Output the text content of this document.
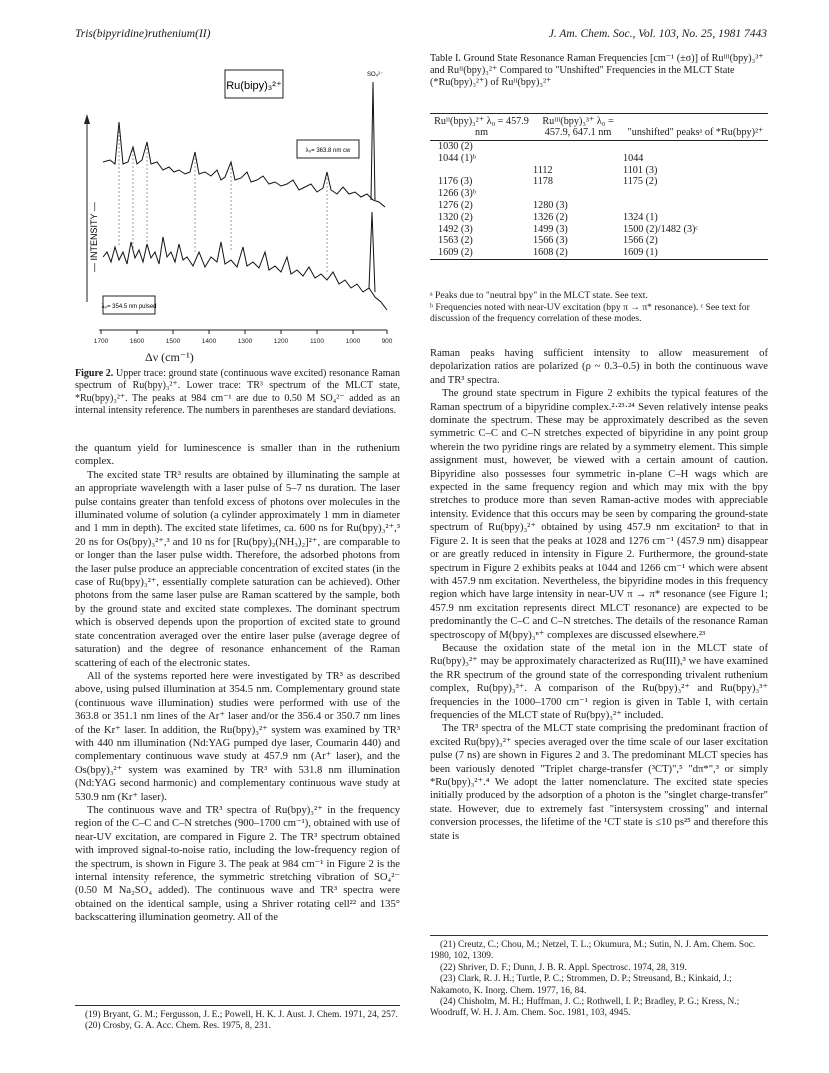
Tris(bipyridine)ruthenium(II)	J. Am. Chem. Soc., Vol. 103, No. 25, 1981 7443
1700	1600	1500	1400	1300	1200	1100	1000	900
Ru(bipy)₃²⁺
SO₄²⁻
λ₀= 363.8 nm cw
λ₀= 354.5 nm pulsed
— INTENSITY —
Δν (cm⁻¹)
Figure 2. Upper trace: ground state (continuous wave excited) resonance Raman spectrum of Ru(bpy)₃²⁺. Lower trace: TR³ spectrum of the MLCT state, *Ru(bpy)₃²⁺. The peaks at 984 cm⁻¹ are due to 0.50 M SO₄²⁻ added as an internal intensity reference. The numbers in parentheses are standard deviations.

the quantum yield for luminescence is smaller than in the ruthenium complex.

The excited state TR³ results are obtained by illuminating the sample at an appropriate wavelength with a laser pulse of 5–7 ns duration. The laser pulse contains greater than tenfold excess of photons over molecules in the illuminated volume of solution (a cylinder approximately 1 mm in diameter and 1 mm in depth). The excited state lifetimes, ca. 600 ns for Ru(bpy)₃²⁺,³ 20 ns for Os(bpy)₃²⁺,³ and 10 ns for [Ru(bpy)₂(NH₃)₂]²⁺, are comparable to or longer than the laser pulse width. Therefore, the adsorbed photons from the laser pulse produce an appreciable concentration of excited states (in the case of Ru(bpy)₃²⁺, essentially complete saturation can be achieved). Other photons from the same laser pulse are Raman scattered by the sample, both by the ground state and excited state complexes. The dominant spectrum which is observed depends upon the proportion of excited state to ground state concentration averaged over the entire laser pulse (average degree of saturation) and the degree of resonance enhancement of the Raman scattering of each of the electronic states.

All of the systems reported here were investigated by TR³ as described above, using pulsed illumination at 354.5 nm. Complementary ground state (continuous wave illumination) studies were performed with use of the 363.8 or 351.1 nm lines of the Ar⁺ laser and/or the 356.4 or 350.7 nm lines of the Kr⁺ laser. In addition, the Ru(bpy)₃²⁺ system was examined by TR³ with 440 nm illumination (Nd:YAG pumped dye laser, Coumarin 440) and complementary continuous wave study at 457.9 nm (Ar⁺ laser), and the Os(bpy)₃²⁺ system was examined by TR³ with 531.8 nm illumination (Nd:YAG second harmonic) and complementary continuous wave study at 530.9 nm (Kr⁺ laser).

The continuous wave and TR³ spectra of Ru(bpy)₃²⁺ in the frequency region of the C–C and C–N stretches (900–1700 cm⁻¹), obtained with use of near-UV excitation, are compared in Figure 2. The TR³ spectrum obtained with improved signal-to-noise ratio, including the low-frequency region of the spectrum, is shown in Figure 3. The peak at 984 cm⁻¹ in Figure 2 is the internal intensity reference, the symmetric stretching vibration of SO₄²⁻ (0.50 M Na₂SO₄ added). The continuous wave and TR³ spectra were obtained on the identical sample, using a Shriver rotating cell²² and 135° backscattering illumination geometry. All of the

(19) Bryant, G. M.; Fergusson, J. E.; Powell, H. K. J. Aust. J. Chem. 1971, 24, 257.
(20) Crosby, G. A. Acc. Chem. Res. 1975, 8, 231.
Table I. Ground State Resonance Raman Frequencies [cm⁻¹ (±σ)] of Ruᴵᴵᴵ(bpy)₃³⁺ and Ruᴵᴵ(bpy)₃²⁺ Compared to "Unshifted" Frequencies in the MLCT State (*Ru(bpy)₃²⁺) of Ruᴵᴵ(bpy)₃²⁺
Ruᴵᴵ(bpy)₃²⁺ λ₀ = 457.9 nm	Ruᴵᴵᴵ(bpy)₃³⁺ λ₀ = 457.9, 647.1 nm	"unshifted" peaksᵃ of *Ru(bpy)²⁺
1030 (2)		
1044 (1)ᵇ		1044
	1112	1101 (3)
1176 (3)	1178	1175 (2)
1266 (3)ᵇ		
1276 (2)	1280 (3)	
1320 (2)	1326 (2)	1324 (1)
1492 (3)	1499 (3)	1500 (2)/1482 (3)ᶜ
1563 (2)	1566 (3)	1566 (2)
1609 (2)	1608 (2)	1609 (1)
ᵃ Peaks due to "neutral bpy" in the MLCT state. See text.
ᵇ Frequencies noted with near-UV excitation (bpy π → π* resonance). ᶜ See text for discussion of the frequency correlation of these modes.

Raman peaks having sufficient intensity to allow measurement of depolarization ratios are polarized (ρ ~ 0.3–0.5) in both the continuous wave and TR³ spectra.

The ground state spectrum in Figure 2 exhibits the typical features of the Raman spectrum of a bipyridine complex.²·²³·²⁴ Seven relatively intense peaks dominate the spectrum. These may be approximately described as the seven symmetric C–C and C–N stretches expected of bipyridine in any point group wherein the two pyridine rings are related by a symmetry element. This simple assignment must, however, be viewed with a certain amount of caution. Bipyridine also possesses four symmetric in-plane C–H wags which are expected in the same frequency region and which may mix with the bpy stretches to produce more than seven Raman-active modes with appreciable intensity. Evidence that this occurs may be seen by comparing the ground-state spectrum of Ru(bpy)₃²⁺ obtained by using 457.9 nm excitation² to that in Figure 2. It is seen that the peaks at 1028 and 1276 cm⁻¹ (457.9 nm) disappear or are greatly reduced in intensity in Figure 2. Furthermore, the ground-state spectrum in Figure 2 exhibits peaks at 1044 and 1266 cm⁻¹ which were absent with 457.9 nm excitation. Nevertheless, the bipyridine modes in this frequency region which have large intensity in near-UV π → π* resonance (see Figure 1; 457.9 nm excitation represents direct MLCT resonance) are expected to be predominantly the C–C and C–N stretches. The details of the resonance Raman spectroscopy of M(bpy)₃ⁿ⁺ complexes are discussed elsewhere.²³

Because the oxidation state of the metal ion in the MLCT state of Ru(bpy)₃²⁺ may be approximately characterized as Ru(III),³ we have examined the RR spectrum of the ground state of the corresponding trivalent ruthenium complex, Ru(bpy)₃³⁺. A comparison of the Ru(bpy)₃²⁺ and Ru(bpy)₃³⁺ frequencies in the 1000–1700 cm⁻¹ region is given in Table I, with certain frequencies of the MLCT state of Ru(bpy)₃²⁺ included.

The TR³ spectra of the MLCT state comprising the predominant fraction of excited Ru(bpy)₃²⁺ species averaged over the time scale of our laser excitation pulse (7 ns) are shown in Figures 2 and 3. The predominant MLCT species has been variously denoted "Triplet charge-transfer (³CT)",⁵ "dπ*",³ or simply *Ru(bpy)₃²⁺.⁴ We adopt the latter nomenclature. The excited state species initially produced by the adsorption of a photon is the "singlet charge-transfer" state. However, due to extremely fast "intersystem crossing" and internal conversion processes, the lifetime of the ¹CT state is ≤10 ps²⁵ and therefore this state is

(21) Creutz, C.; Chou, M.; Netzel, T. L.; Okumura, M.; Sutin, N. J. Am. Chem. Soc. 1980, 102, 1309.
(22) Shriver, D. F.; Dunn, J. B. R. Appl. Spectrosc. 1974, 28, 319.
(23) Clark, R. J. H.; Turtle, P. C.; Strommen, D. P.; Streusand, B.; Kinkaid, J.; Nakamoto, K. Inorg. Chem. 1977, 16, 84.
(24) Chisholm, M. H.; Huffman, J. C.; Rothwell, I. P.; Bradley, P. G.; Kress, N.; Woodruff, W. H. J. Am. Chem. Soc. 1981, 103, 4945.
